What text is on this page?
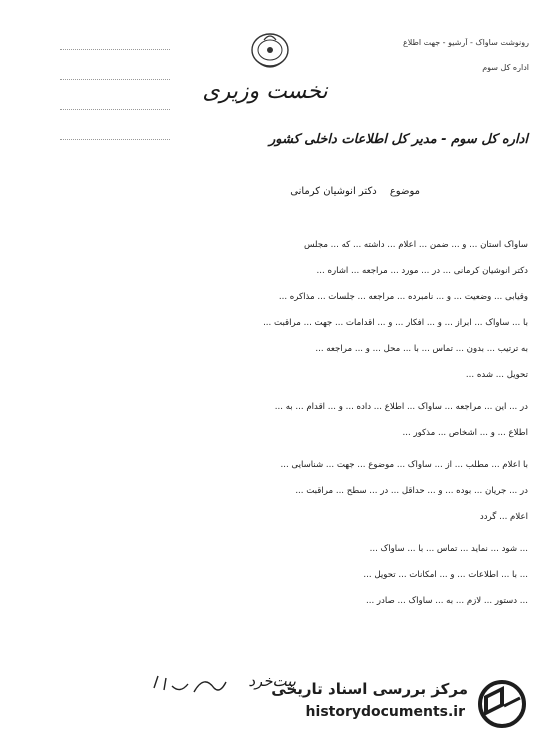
نخست وزیری
رونوشت ساواک - آرشیو - جهت اطلاع
اداره کل سوم
اداره کل سوم - مدیر کل اطلاعات داخلی کشور
موضوع دکتر انوشیان کرمانی
ساواک استان ... و ... ضمن ... اعلام ... داشته ... که ... مجلس
دکتر انوشیان کرمانی ... در ... مورد ... مراجعه ... اشاره ...
وقیابی ... وضعیت ... و ... نامبرده ... مراجعه ... جلسات ... مذاکره ...
با ... ساواک ... ابراز ... و ... افکار ... و ... اقدامات ... جهت ... مراقبت ...
به ترتیب ... بدون ... تماس ... با ... محل ... و ... مراجعه ...
تحویل ... شده ...
در ... این ... مراجعه ... ساواک ... اطلاع ... داده ... و ... اقدام ... به ...
اطلاع ... و ... اشخاص ... مذکور ...
با اعلام ... مطلب ... از ... ساواک ... موضوع ... جهت ... شناسایی ...
در ... جریان ... بوده ... و ... حداقل ... در ... سطح ... مراقبت ...
اعلام ... گردد
... شود ... نماید ... تماس ... با ... ساواک ...
... با ... اطلاعات ... و ... امکانات ... تحویل ...
... دستور ... لازم ... به ... ساواک ... صادر ...
بیت‌خرد
مرکز بررسی اسناد تاریخی
historydocuments.ir
